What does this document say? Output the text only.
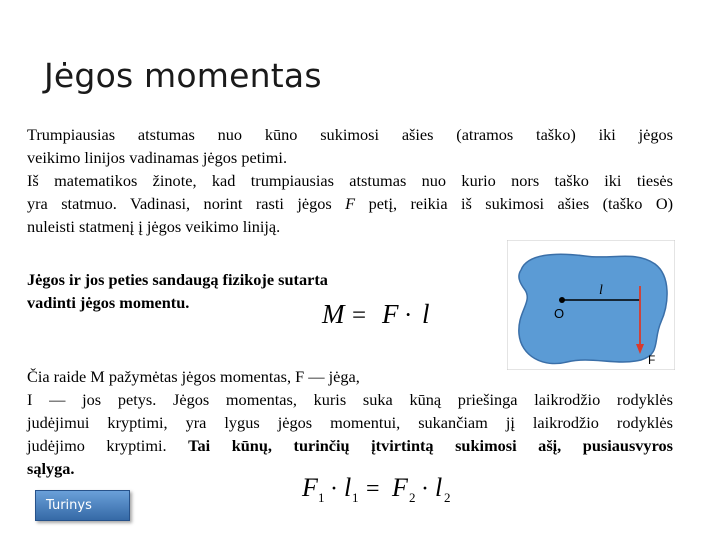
Jėgos momentas
Trumpiausias atstumas nuo kūno sukimosi ašies (atramos taško) iki jėgos
veikimo linijos vadinamas jėgos petimi.
Iš matematikos žinote, kad trumpiausias atstumas nuo kurio nors taško iki tiesės
yra statmuo. Vadinasi, norint rasti jėgos F petį, reikia iš sukimosi ašies (taško O)
nuleisti statmenį į jėgos veikimo liniją.
Jėgos ir jos peties sandaugą fizikoje sutarta
vadinti jėgos momentu.	M = F · l
l
O
F
Čia raide M pažymėtas jėgos momentas, F — jėga,
I — jos petys. Jėgos momentas, kuris suka kūną priešinga laikrodžio rodyklės
judėjimui kryptimi, yra lygus jėgos momentui, sukančiam jį laikrodžio rodyklės
judėjimo kryptimi. Tai kūnų, turinčių įtvirtintą sukimosi ašį, pusiausvyros
sąlyga.
F 1 · l 1 = F 2 · l 2
Turinys
